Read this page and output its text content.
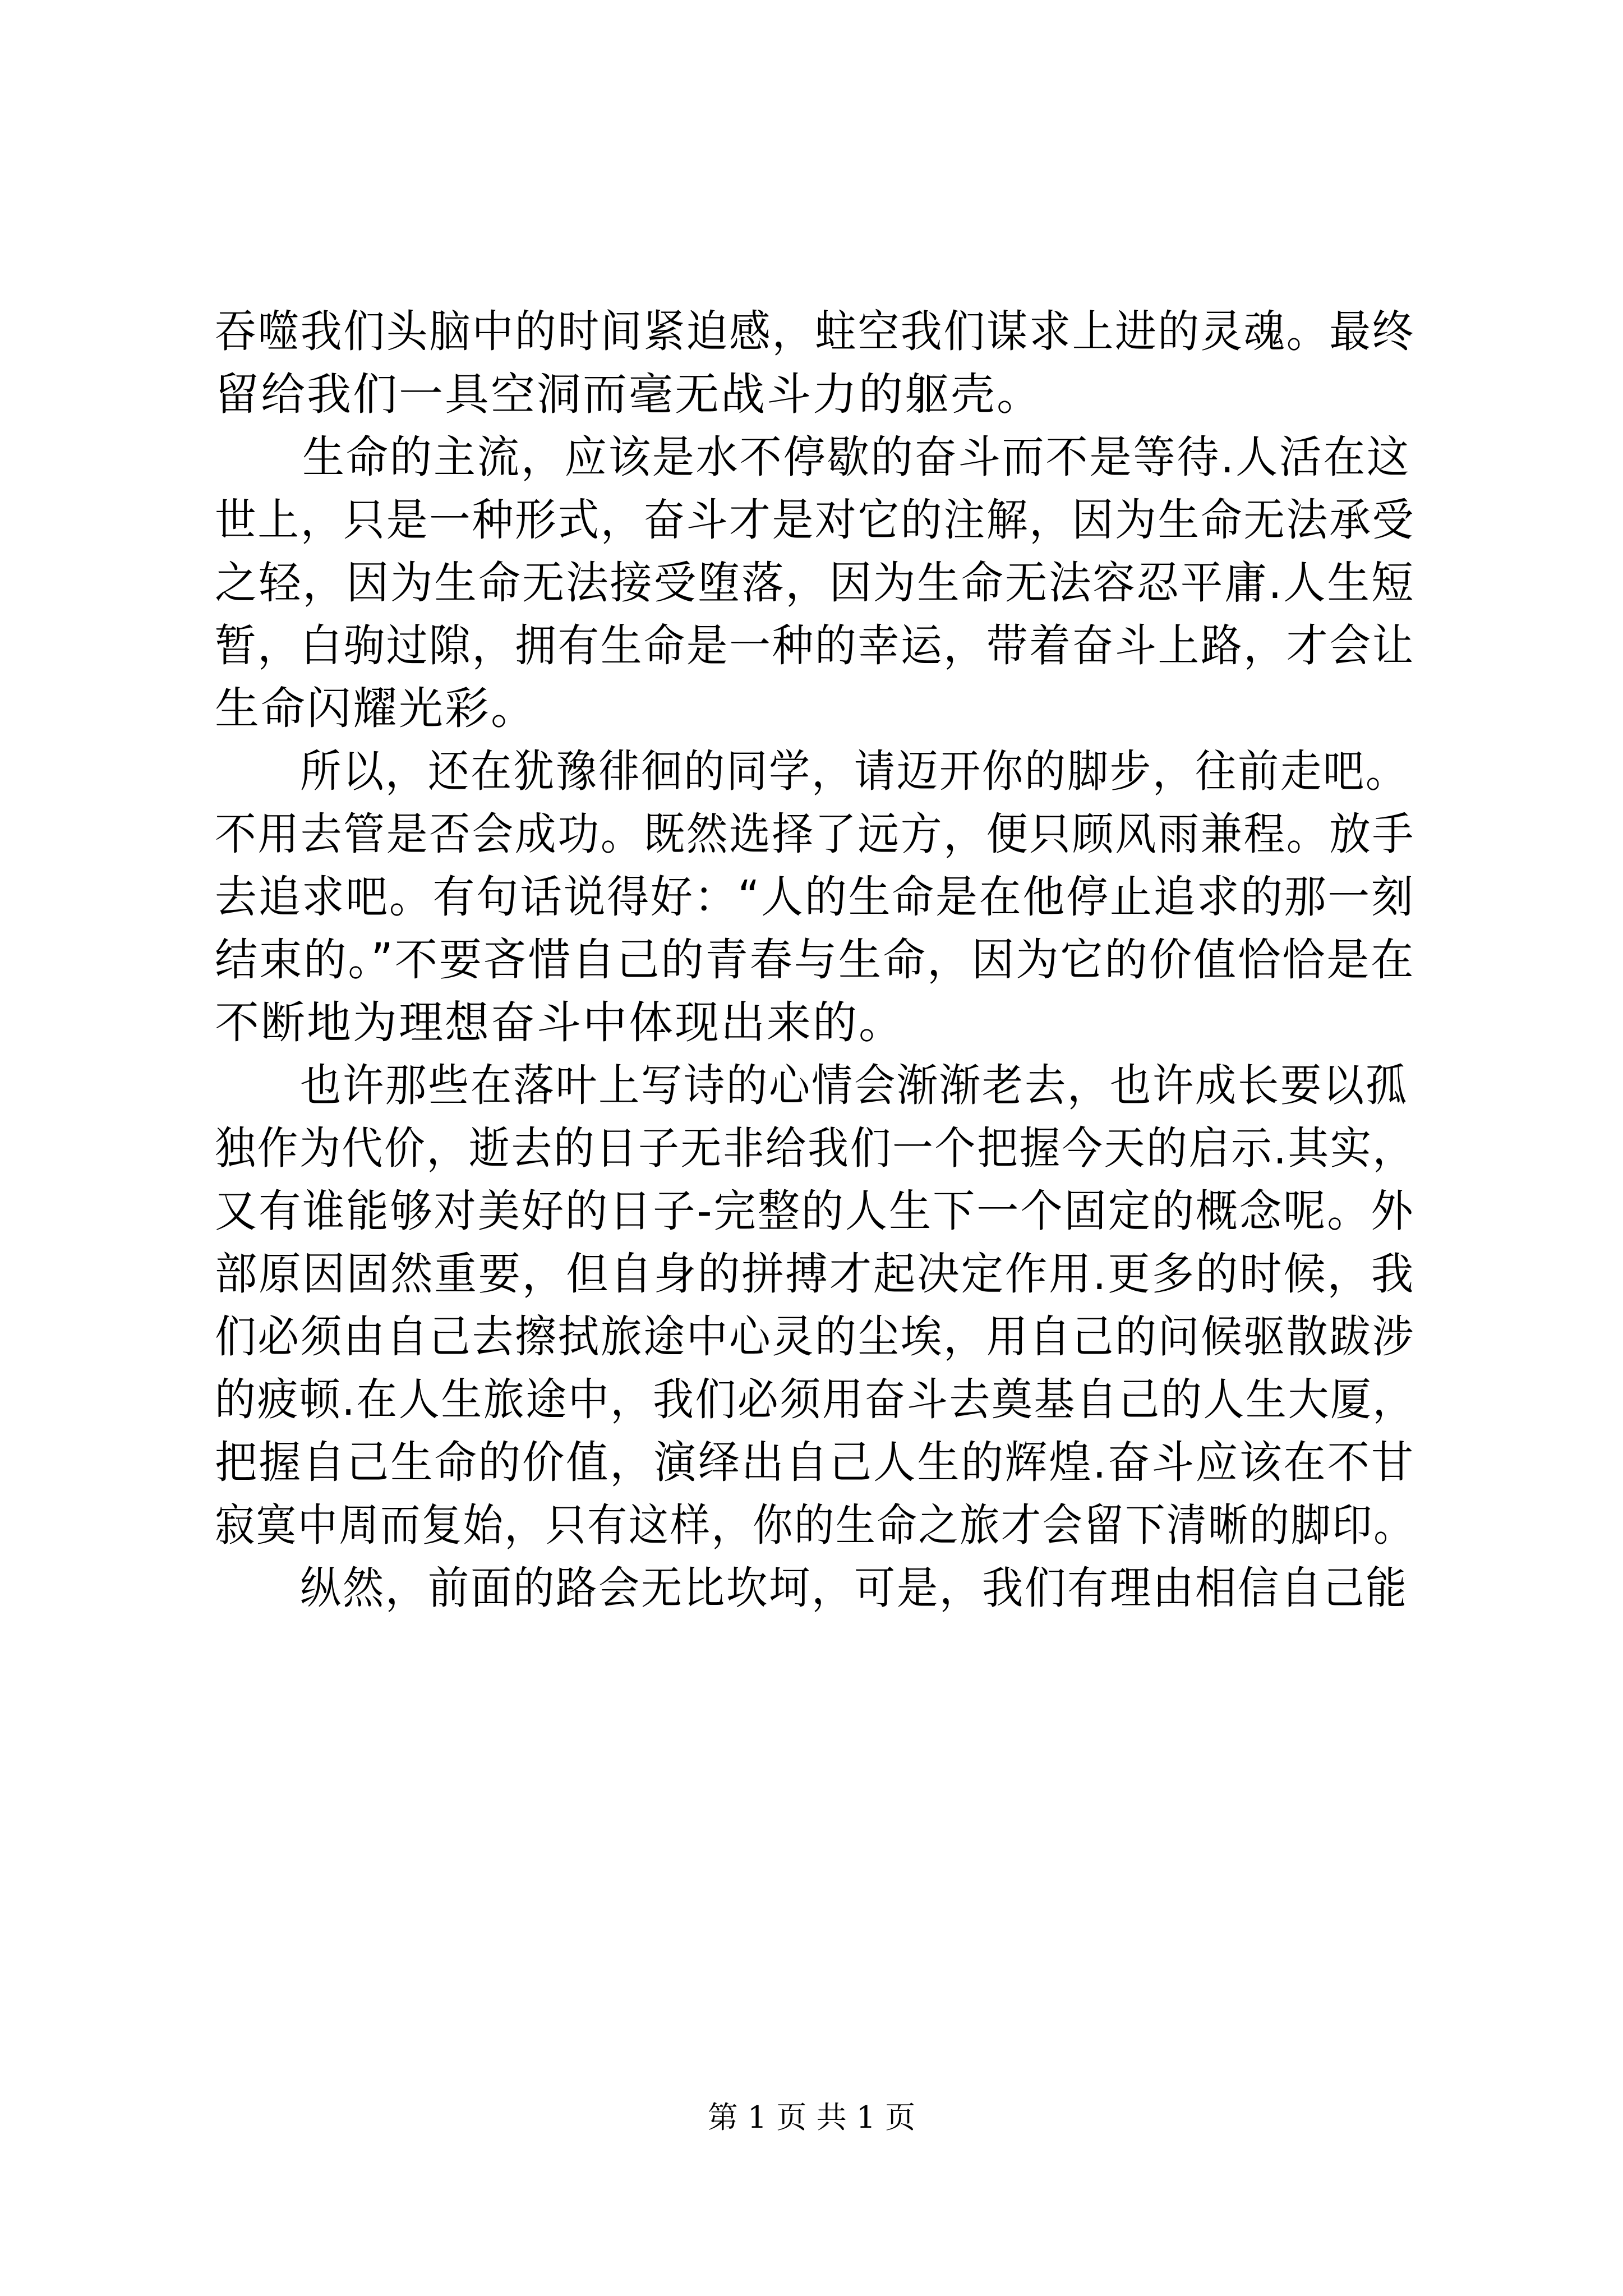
吞噬我们头脑中的时间紧迫感，蛀空我们谋求上进的灵魂。最终
留给我们一具空洞而毫无战斗力的躯壳。
生命的主流，应该是水不停歇的奋斗而不是等待.人活在这
世上，只是一种形式，奋斗才是对它的注解，因为生命无法承受
之轻，因为生命无法接受堕落，因为生命无法容忍平庸.人生短
暂，白驹过隙，拥有生命是一种的幸运，带着奋斗上路，才会让
生命闪耀光彩。
所以，还在犹豫徘徊的同学，请迈开你的脚步，往前走吧。
不用去管是否会成功。既然选择了远方，便只顾风雨兼程。放手
去追求吧。有句话说得好：“人的生命是在他停止追求的那一刻
结束的。”不要吝惜自己的青春与生命，因为它的价值恰恰是在
不断地为理想奋斗中体现出来的。
也许那些在落叶上写诗的心情会渐渐老去，也许成长要以孤
独作为代价，逝去的日子无非给我们一个把握今天的启示.其实，
又有谁能够对美好的日子-完整的人生下一个固定的概念呢。外
部原因固然重要，但自身的拼搏才起决定作用.更多的时候，我
们必须由自己去擦拭旅途中心灵的尘埃，用自己的问候驱散跋涉
的疲顿.在人生旅途中，我们必须用奋斗去奠基自己的人生大厦，
把握自己生命的价值，演绎出自己人生的辉煌.奋斗应该在不甘
寂寞中周而复始，只有这样，你的生命之旅才会留下清晰的脚印。
纵然，前面的路会无比坎坷，可是，我们有理由相信自己能
第 1 页 共 1 页
